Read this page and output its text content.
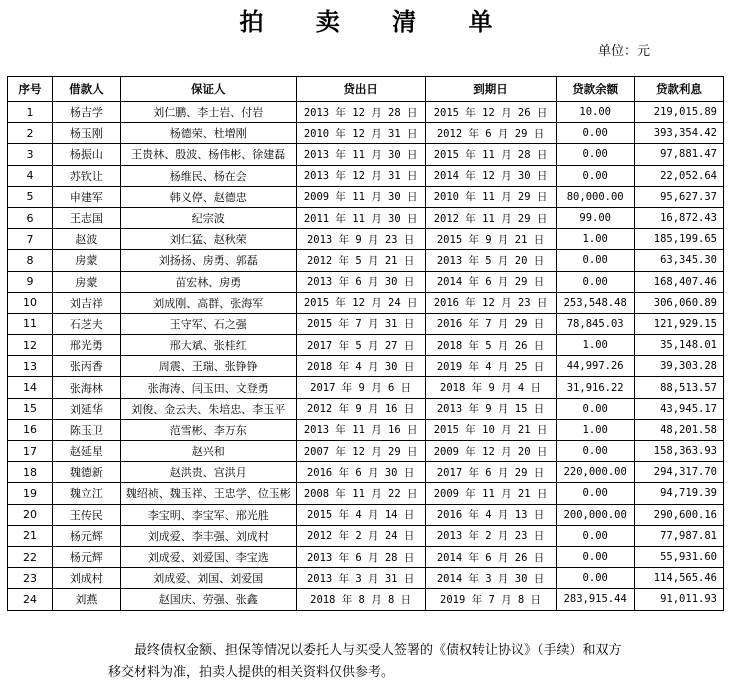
拍 卖 清 单
单位：元
序号	借款人	保证人	贷出日	到期日	贷款余额	贷款利息
1	杨吉学	刘仁鹏、李士岩、付岩	2013 年 12 月 28 日	2015 年 12 月 26 日	10.00	219,015.89
2	杨玉刚	杨德荣、杜增刚	2010 年 12 月 31 日	2012 年 6 月 29 日	0.00	393,354.42
3	杨振山	王贵林、殷波、杨伟彬、徐建磊	2013 年 11 月 30 日	2015 年 11 月 28 日	0.00	97,881.47
4	苏钦让	杨维民、杨在会	2013 年 12 月 31 日	2014 年 12 月 30 日	0.00	22,052.64
5	申建军	韩义停、赵德忠	2009 年 11 月 30 日	2010 年 11 月 29 日	80,000.00	95,627.37
6	王志国	纪宗波	2011 年 11 月 30 日	2012 年 11 月 29 日	99.00	16,872.43
7	赵波	刘仁猛、赵秋荣	2013 年 9 月 23 日	2015 年 9 月 21 日	1.00	185,199.65
8	房蒙	刘扬扬、房勇、郭磊	2012 年 5 月 21 日	2013 年 5 月 20 日	0.00	63,345.30
9	房蒙	苗宏林、房勇	2013 年 6 月 30 日	2014 年 6 月 29 日	0.00	168,407.46
10	刘吉祥	刘成刚、高群、张海军	2015 年 12 月 24 日	2016 年 12 月 23 日	253,548.48	306,060.89
11	石芝夫	王守军、石之强	2015 年 7 月 31 日	2016 年 7 月 29 日	78,845.03	121,929.15
12	邢光勇	邢大斌、张桂红	2017 年 5 月 27 日	2018 年 5 月 26 日	1.00	35,148.01
13	张丙香	周震、王瑞、张铮铮	2018 年 4 月 30 日	2019 年 4 月 25 日	44,997.26	39,303.28
14	张海林	张海涛、闫玉田、文登勇	2017 年 9 月 6 日	2018 年 9 月 4 日	31,916.22	88,513.57
15	刘延华	刘俊、金云夫、朱培忠、李玉平	2012 年 9 月 16 日	2013 年 9 月 15 日	0.00	43,945.17
16	陈玉卫	范雪彬、李万东	2013 年 11 月 16 日	2015 年 10 月 21 日	1.00	48,201.58
17	赵延星	赵兴和	2007 年 12 月 29 日	2009 年 12 月 20 日	0.00	158,363.93
18	魏德新	赵洪贵、宫洪月	2016 年 6 月 30 日	2017 年 6 月 29 日	220,000.00	294,317.70
19	魏立江	魏绍祯、魏玉祥、王忠学、位玉彬	2008 年 11 月 22 日	2009 年 11 月 21 日	0.00	94,719.39
20	王传民	李宝明、李宝军、邢光胜	2015 年 4 月 14 日	2016 年 4 月 13 日	200,000.00	290,600.16
21	杨元辉	刘成爱、李丰强、刘成村	2012 年 2 月 24 日	2013 年 2 月 23 日	0.00	77,987.81
22	杨元辉	刘成爱、刘爱国、李宝选	2013 年 6 月 28 日	2014 年 6 月 26 日	0.00	55,931.60
23	刘成村	刘成爱、刘国、刘爱国	2013 年 3 月 31 日	2014 年 3 月 30 日	0.00	114,565.46
24	刘燕	赵国庆、劳强、张鑫	2018 年 8 月 8 日	2019 年 7 月 8 日	283,915.44	91,011.93
最终债权金额、担保等情况以委托人与买受人签署的《债权转让协议》（手续）和双方
移交材料为准，拍卖人提供的相关资料仅供参考。
